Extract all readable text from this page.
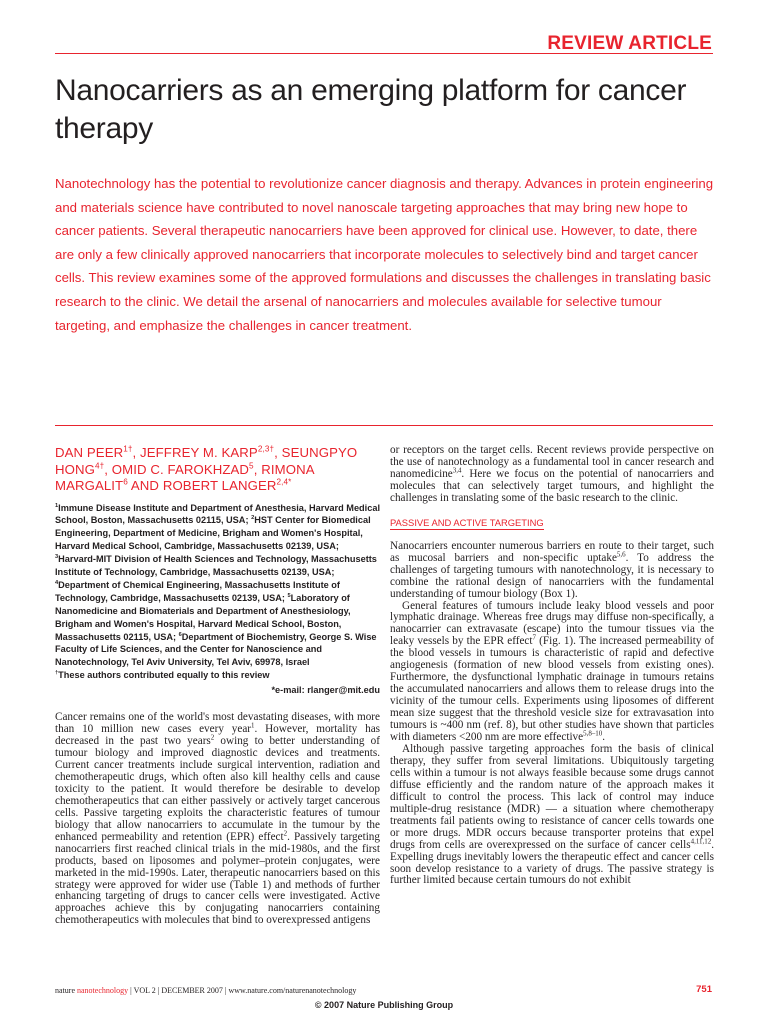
REVIEW ARTICLE
Nanocarriers as an emerging platform for cancer therapy

Nanotechnology has the potential to revolutionize cancer diagnosis and therapy. Advances in protein engineering and materials science have contributed to novel nanoscale targeting approaches that may bring new hope to cancer patients. Several therapeutic nanocarriers have been approved for clinical use. However, to date, there are only a few clinically approved nanocarriers that incorporate molecules to selectively bind and target cancer cells. This review examines some of the approved formulations and discusses the challenges in translating basic research to the clinic. We detail the arsenal of nanocarriers and molecules available for selective tumour targeting, and emphasize the challenges in cancer treatment.

DAN $PEER^{1\dagger}$, JEFFREY M. $KARP^{2,3\dagger}$, SEUNGPYO $HONG^{4\dagger}$, OMID C. FAROKHZAD$^5$, RIMONA MARGALIT$^6$ AND ROBERT $LANGER^{2,4*}$
$^1$Immune Disease Institute and Department of Anesthesia, Harvard Medical School, Boston, Massachusetts 02115, USA; $^2$HST Center for Biomedical Engineering, Department of Medicine, Brigham and Women's Hospital, Harvard Medical School, Cambridge, Massachusetts 02139, USA; $^3$Harvard-MIT Division of Health Sciences and Technology, Massachusetts Institute of Technology, Cambridge, Massachusetts 02139, USA; $^4$Department of Chemical Engineering, Massachusetts Institute of Technology, Cambridge, Massachusetts 02139, USA; $^5$Laboratory of Nanomedicine and Biomaterials and Department of Anesthesiology, Brigham and Women's Hospital, Harvard Medical School, Boston, Massachusetts 02115, USA; $^6$Department of Biochemistry, George S. Wise Faculty of Life Sciences, and the Center for Nanoscience and Nanotechnology, Tel Aviv University, Tel Aviv, 69978, Israel
†These authors contributed equally to this review
*e-mail: rlanger@mit.edu

Cancer remains one of the world's most devastating diseases, with more than 10 million new cases every year$^1$. However, mortality has decreased in the past two years$^2$ owing to better understanding of tumour biology and improved diagnostic devices and treatments. Current cancer treatments include surgical intervention, radiation and chemotherapeutic drugs, which often also kill healthy cells and cause toxicity to the patient. It would therefore be desirable to develop chemotherapeutics that can either passively or actively target cancerous cells. Passive targeting exploits the characteristic features of tumour biology that allow nanocarriers to accumulate in the tumour by the enhanced permeability and retention (EPR) effect$^2$. Passively targeting nanocarriers first reached clinical trials in the mid-1980s, and the first products, based on liposomes and polymer–protein conjugates, were marketed in the mid-1990s. Later, therapeutic nanocarriers based on this strategy were approved for wider use (Table 1) and methods of further enhancing targeting of drugs to cancer cells were investigated. Active approaches achieve this by conjugating nanocarriers containing chemotherapeutics with molecules that bind to overexpressed antigens

or receptors on the target cells. Recent reviews provide perspective on the use of nanotechnology as a fundamental tool in cancer research and nanomedicine$^{3,4}$. Here we focus on the potential of nanocarriers and molecules that can selectively target tumours, and highlight the challenges in translating some of the basic research to the clinic.

PASSIVE AND ACTIVE TARGETING

Nanocarriers encounter numerous barriers en route to their target, such as mucosal barriers and non-specific uptake$^{5,6}$. To address the challenges of targeting tumours with nanotechnology, it is necessary to combine the rational design of nanocarriers with the fundamental understanding of tumour biology (Box 1).

General features of tumours include leaky blood vessels and poor lymphatic drainage. Whereas free drugs may diffuse non-specifically, a nanocarrier can extravasate (escape) into the tumour tissues via the leaky vessels by the EPR effect$^7$ (Fig. 1). The increased permeability of the blood vessels in tumours is characteristic of rapid and defective angiogenesis (formation of new blood vessels from existing ones). Furthermore, the dysfunctional lymphatic drainage in tumours retains the accumulated nanocarriers and allows them to release drugs into the vicinity of the tumour cells. Experiments using liposomes of different mean size suggest that the threshold vesicle size for extravasation into tumours is ~400 nm (ref. 8), but other studies have shown that particles with diameters <200 nm are more effective$^{5,8-10}$.

Although passive targeting approaches form the basis of clinical therapy, they suffer from several limitations. Ubiquitously targeting cells within a tumour is not always feasible because some drugs cannot diffuse efficiently and the random nature of the approach makes it difficult to control the process. This lack of control may induce multiple-drug resistance (MDR) — a situation where chemotherapy treatments fail patients owing to resistance of cancer cells towards one or more drugs. MDR occurs because transporter proteins that expel drugs from cells are overexpressed on the surface of cancer cells$^{4,11,12}$. Expelling drugs inevitably lowers the therapeutic effect and cancer cells soon develop resistance to a variety of drugs. The passive strategy is further limited because certain tumours do not exhibit

nature nanotechnology | VOL 2 | DECEMBER 2007 | www.nature.com/naturenanotechnology	751
© 2007 Nature Publishing Group
